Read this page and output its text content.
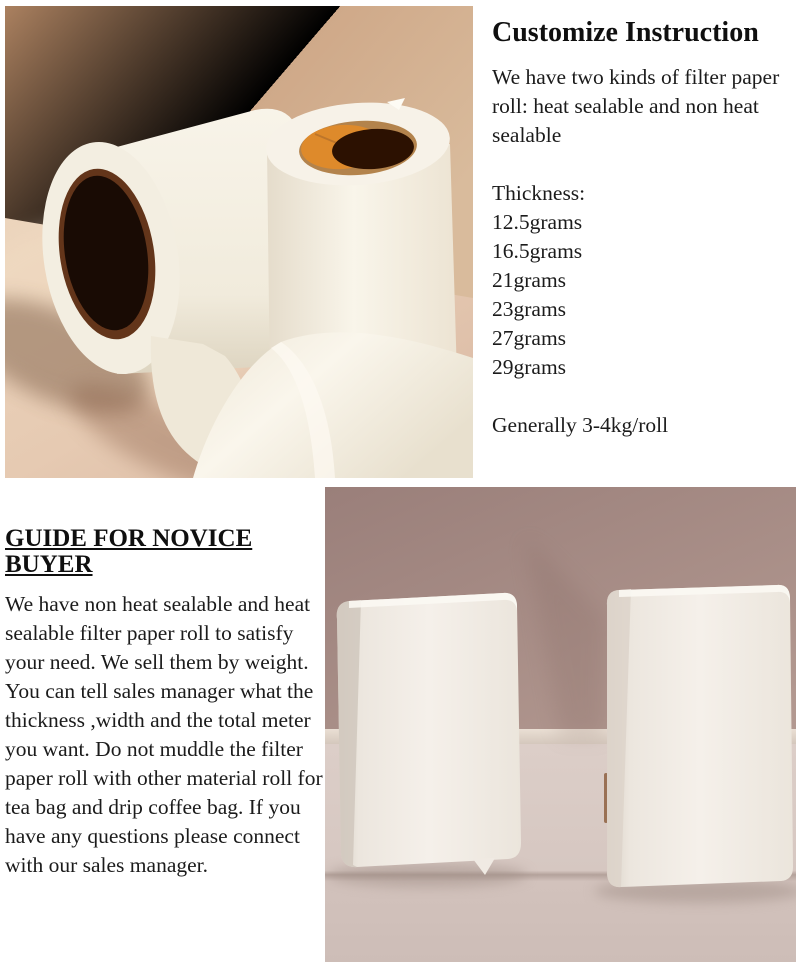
Customize Instruction

We have two kinds of filter paper roll: heat sealable and non heat sealable

Thickness:

12.5grams
16.5grams
21grams
23grams
27grams
29grams

Generally 3-4kg/roll

GUIDE FOR NOVICE BUYER

We have non heat sealable and heat sealable filter paper roll to satisfy your need. We sell them by weight. You can tell sales manager what the thickness ,width and the total meter you want. Do not muddle the filter paper roll with other material roll for tea bag and drip coffee bag. If you have any questions please connect with our sales manager.
